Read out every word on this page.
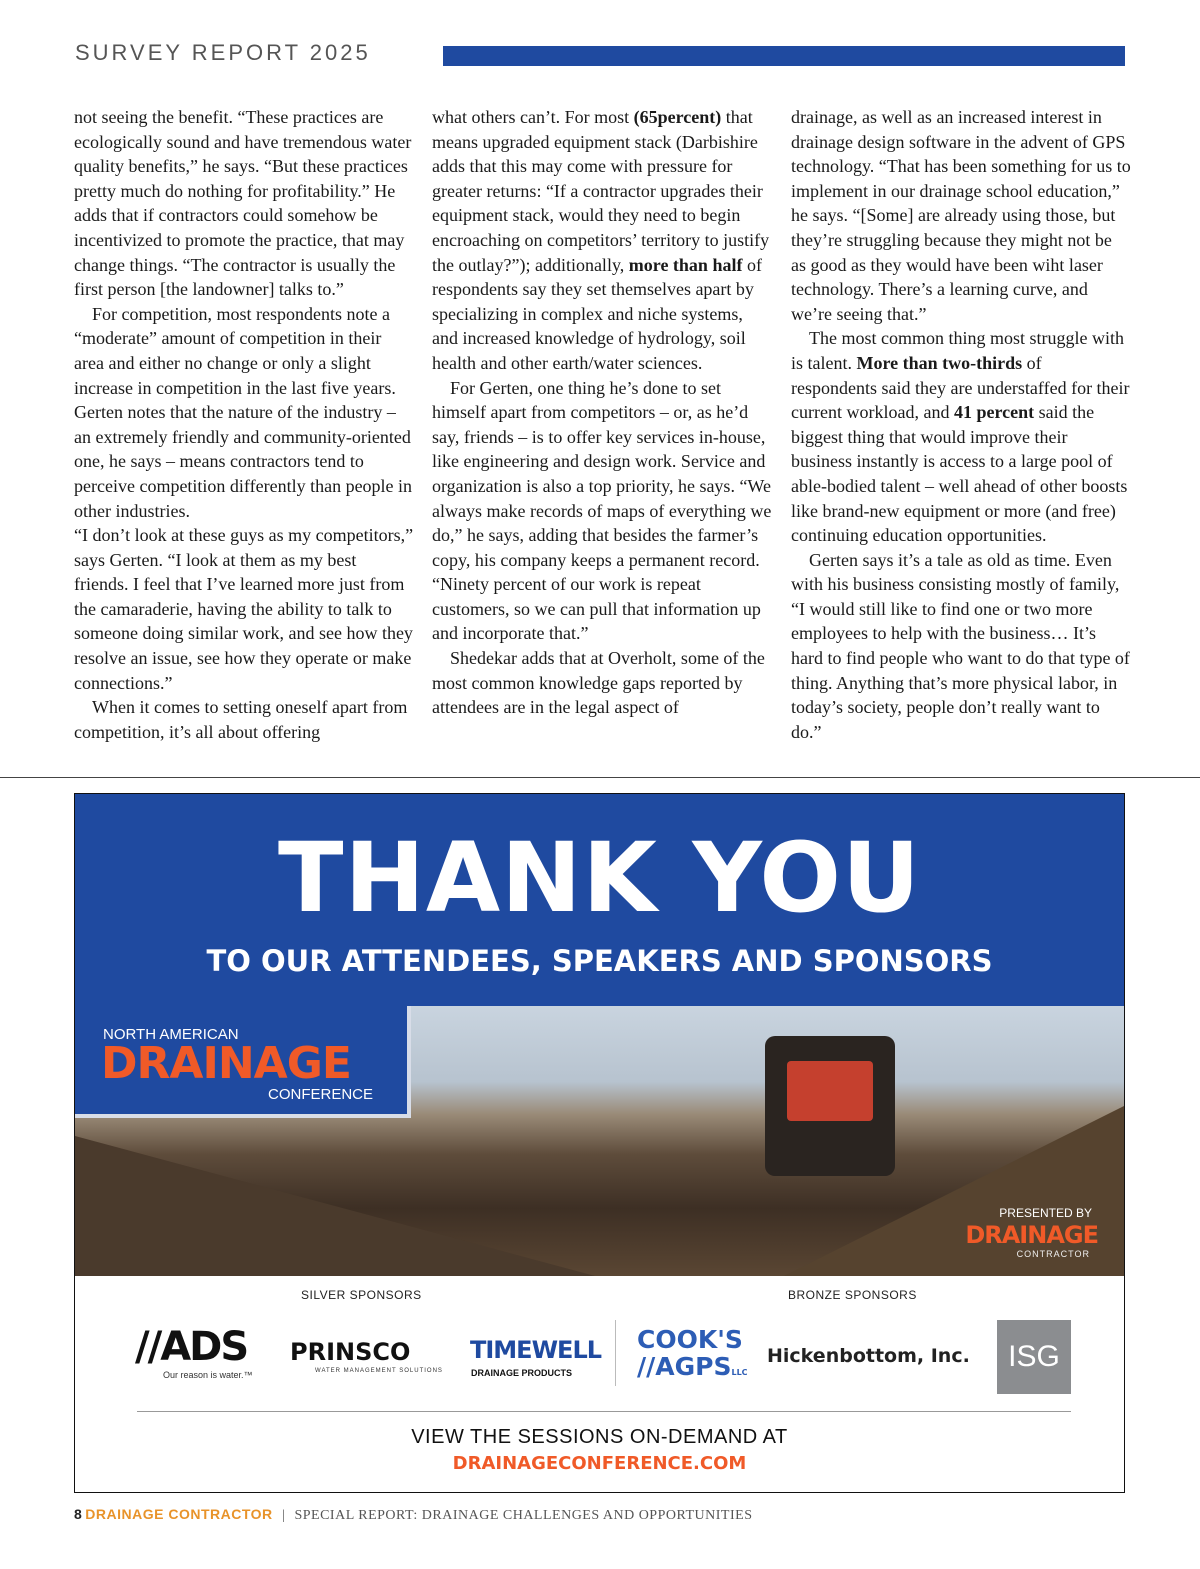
SURVEY REPORT 2025

not seeing the benefit. “These practices are ecologically sound and have tremendous water quality benefits,” he says. “But these practices pretty much do nothing for profitability.” He adds that if contractors could somehow be incentivized to promote the practice, that may change things. “The contractor is usually the first person [the landowner] talks to.”

For competition, most respondents note a “moderate” amount of competition in their area and either no change or only a slight increase in competition in the last five years. Gerten notes that the nature of the industry – an extremely friendly and community-oriented one, he says – means contractors tend to perceive competition differently than people in other industries.

“I don’t look at these guys as my competitors,” says Gerten. “I look at them as my best friends. I feel that I’ve learned more just from the camaraderie, having the ability to talk to someone doing similar work, and see how they resolve an issue, see how they operate or make connections.”

When it comes to setting oneself apart from competition, it’s all about offering

what others can’t. For most (65percent) that means upgraded equipment stack (Darbishire adds that this may come with pressure for greater returns: “If a contractor upgrades their equipment stack, would they need to begin encroaching on competitors’ territory to justify the outlay?”); additionally, more than half of respondents say they set themselves apart by specializing in complex and niche systems, and increased knowledge of hydrology, soil health and other earth/water sciences.

For Gerten, one thing he’s done to set himself apart from competitors – or, as he’d say, friends – is to offer key services in-house, like engineering and design work. Service and organization is also a top priority, he says. “We always make records of maps of everything we do,” he says, adding that besides the farmer’s copy, his company keeps a permanent record. “Ninety percent of our work is repeat customers, so we can pull that information up and incorporate that.”

Shedekar adds that at Overholt, some of the most common knowledge gaps reported by attendees are in the legal aspect of

drainage, as well as an increased interest in drainage design software in the advent of GPS technology. “That has been something for us to implement in our drainage school education,” he says. “[Some] are already using those, but they’re struggling because they might not be as good as they would have been wiht laser technology. There’s a learning curve, and we’re seeing that.”

The most common thing most struggle with is talent. More than two-thirds of respondents said they are understaffed for their current workload, and 41 percent said the biggest thing that would improve their business instantly is access to a large pool of able-bodied talent – well ahead of other boosts like brand-new equipment or more (and free) continuing education opportunities.

Gerten says it’s a tale as old as time. Even with his business consisting mostly of family, “I would still like to find one or two more employees to help with the business… It’s hard to find people who want to do that type of thing. Anything that’s more physical labor, in today’s society, people don’t really want to do.”

THANK YOU
TO OUR ATTENDEES, SPEAKERS AND SPONSORS
NORTH AMERICAN
DRAINAGE
CONFERENCE
PRESENTED BY
DRAINAGE
CONTRACTOR
SILVER SPONSORS	BRONZE SPONSORS
//ADS
Our reason is water.™
PRINSCO
WATER MANAGEMENT SOLUTIONS
TIMEWELL
DRAINAGE PRODUCTS
COOK'S
//AGPSLLC
Hickenbottom, Inc.	ISG
VIEW THE SESSIONS ON-DEMAND AT
DRAINAGECONFERENCE.COM
8 DRAINAGE CONTRACTOR | SPECIAL REPORT: DRAINAGE CHALLENGES AND OPPORTUNITIES
